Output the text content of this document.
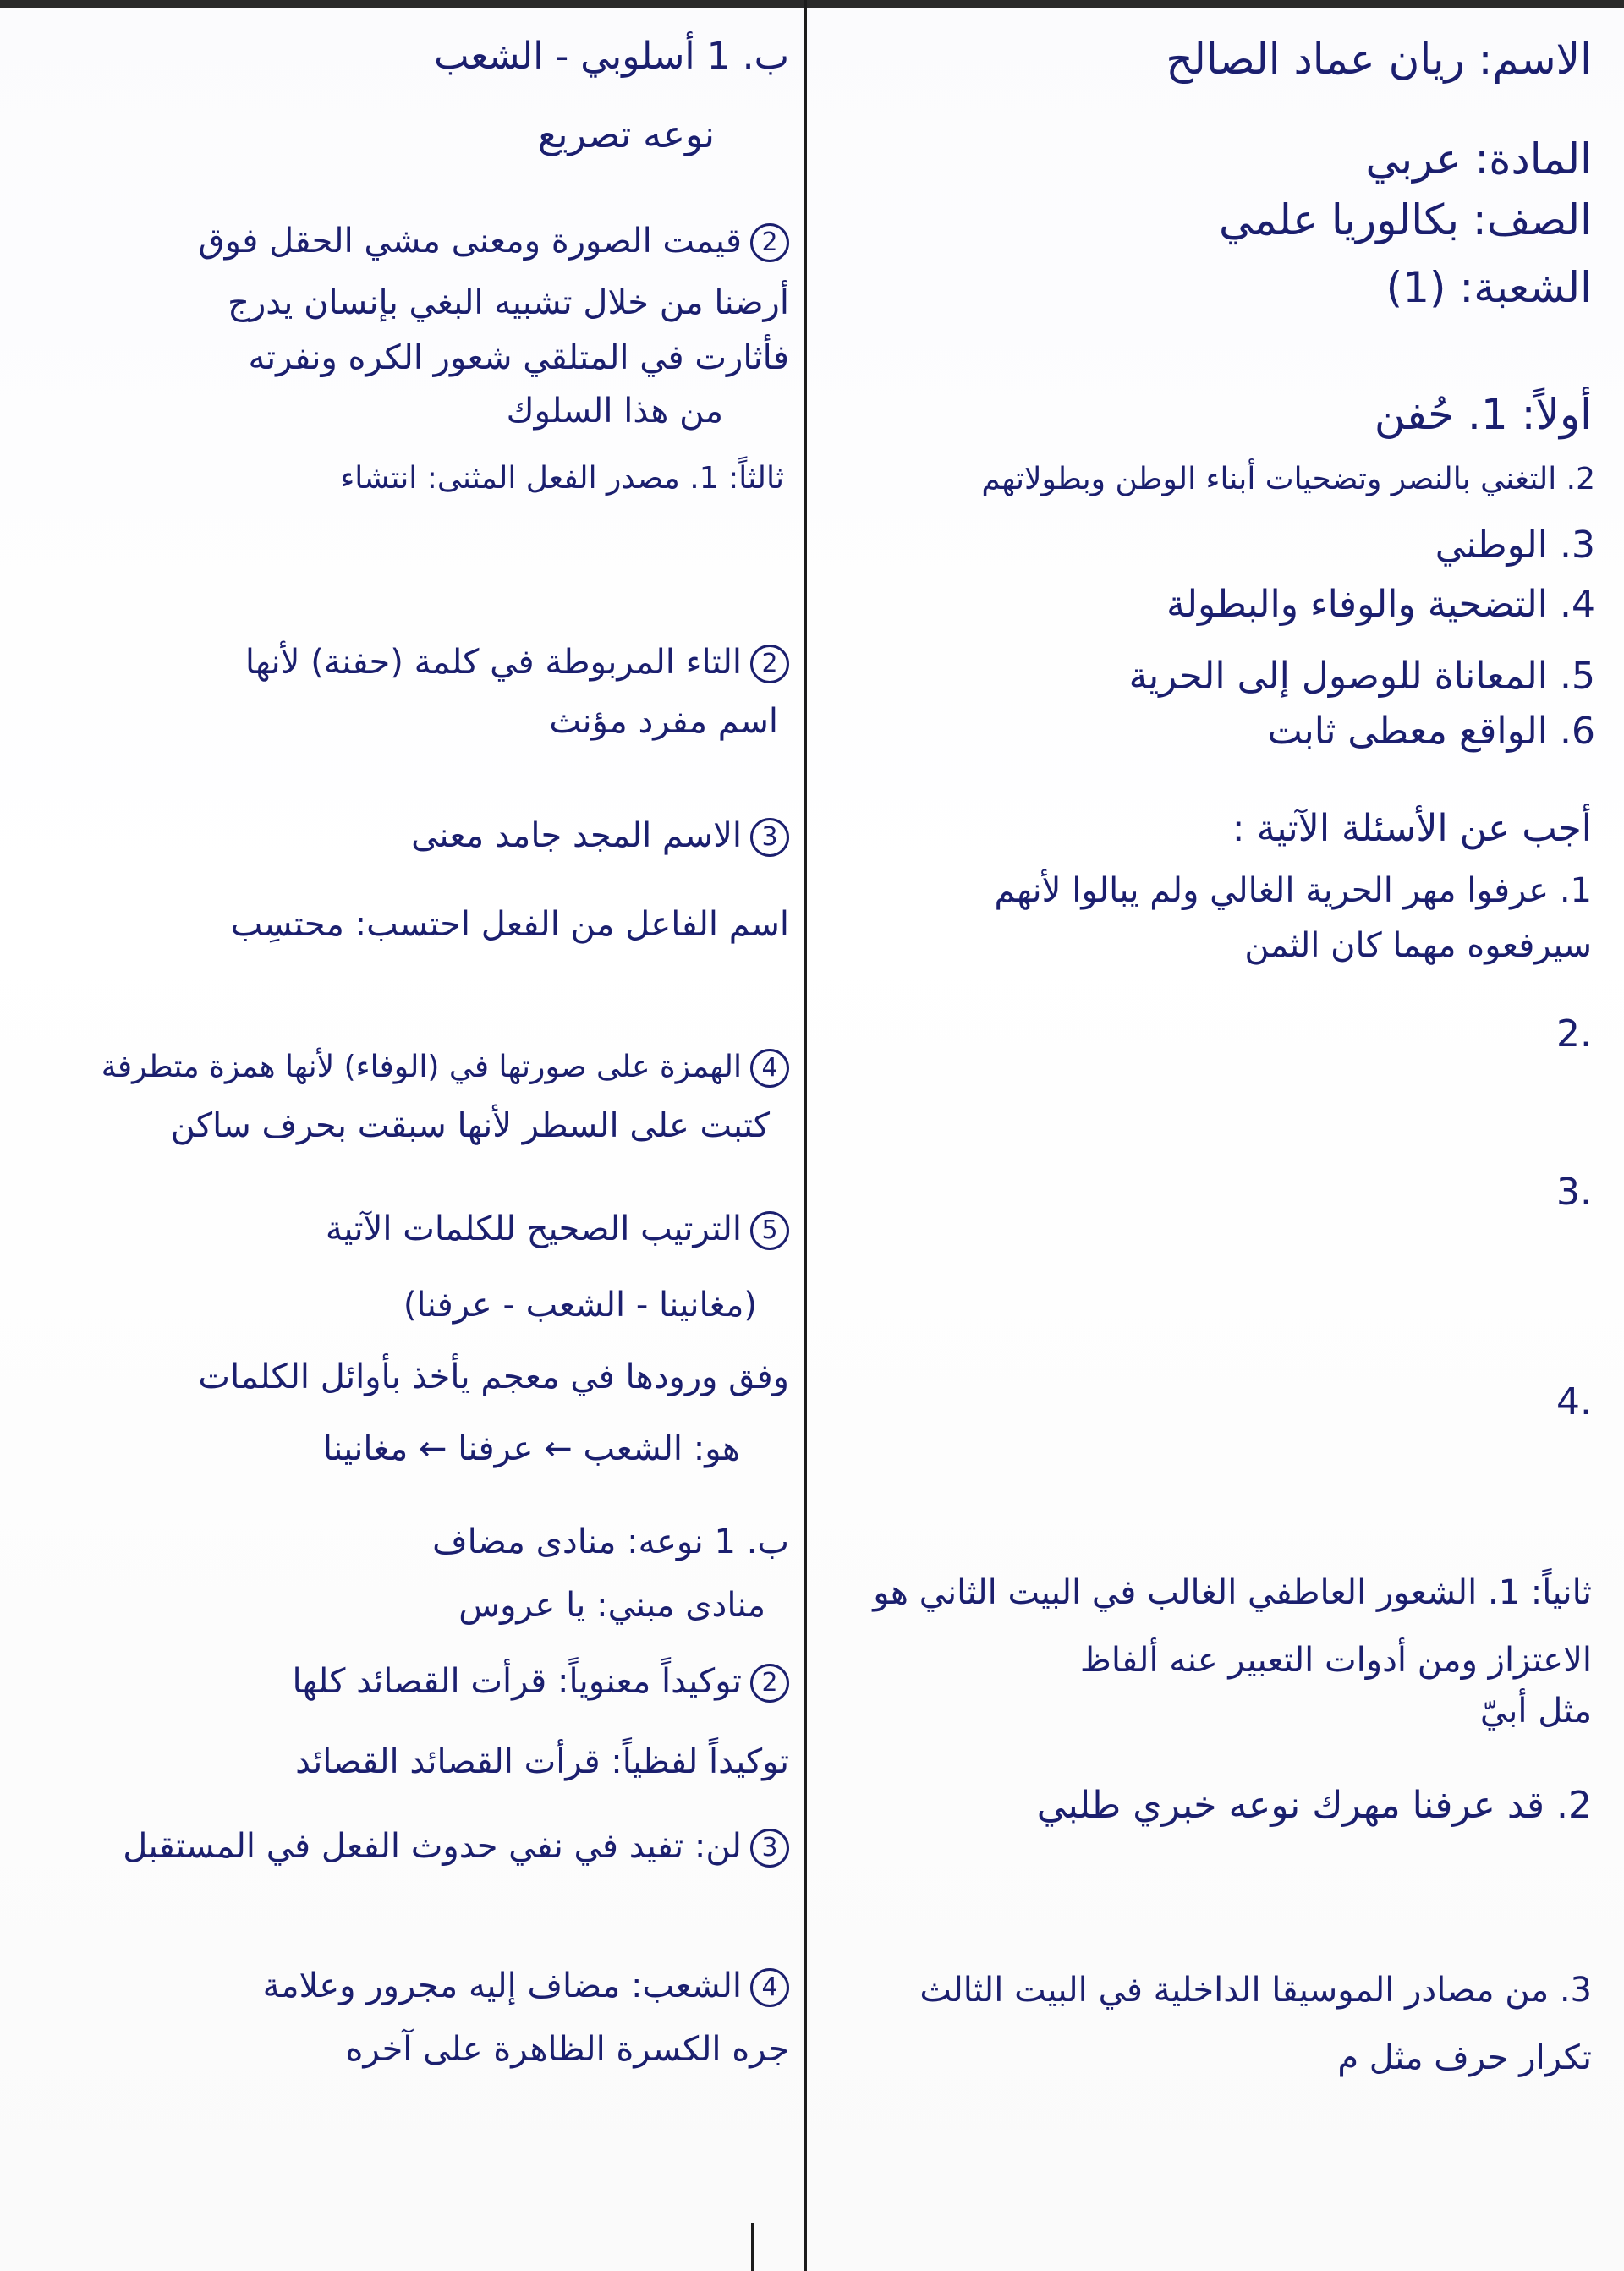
الاسم: ريان عماد الصالح
المادة: عربي
الصف: بكالوريا علمي
الشعبة: (1)
أولاً: 1. حُفن
2. التغني بالنصر وتضحيات أبناء الوطن وبطولاتهم
3. الوطني
4. التضحية والوفاء والبطولة
5. المعاناة للوصول إلى الحرية
6. الواقع معطى ثابت
أجب عن الأسئلة الآتية :
1. عرفوا مهر الحرية الغالي ولم يبالوا لأنهم
سيرفعوه مهما كان الثمن
.2
.3
.4
ثانياً: 1. الشعور العاطفي الغالب في البيت الثاني هو
الاعتزاز ومن أدوات التعبير عنه ألفاظ
مثل أبيّ
2. قد عرفنا مهرك نوعه خبري طلبي
3. من مصادر الموسيقا الداخلية في البيت الثالث
تكرار حرف مثل م
ب. 1 أسلوبي - الشعب
نوعه تصريع
2قيمت الصورة ومعنى مشي الحقل فوق
أرضنا من خلال تشبيه البغي بإنسان يدرج
فأثارت في المتلقي شعور الكره ونفرته
من هذا السلوك
ثالثاً: 1. مصدر الفعل المثنى: انتشاء
2التاء المربوطة في كلمة (حفنة) لأنها
اسم مفرد مؤنث
3الاسم المجد جامد معنى
اسم الفاعل من الفعل احتسب: محتسِب
4الهمزة على صورتها في (الوفاء) لأنها همزة متطرفة
كتبت على السطر لأنها سبقت بحرف ساكن
5الترتيب الصحيح للكلمات الآتية
(مغانينا - الشعب - عرفنا)
وفق ورودها في معجم يأخذ بأوائل الكلمات
هو: الشعب ← عرفنا ← مغانينا
ب. 1 نوعه: منادى مضاف
منادى مبني: يا عروس
2توكيداً معنوياً: قرأت القصائد كلها
توكيداً لفظياً: قرأت القصائد القصائد
3لن: تفيد في نفي حدوث الفعل في المستقبل
4الشعب: مضاف إليه مجرور وعلامة
جره الكسرة الظاهرة على آخره
